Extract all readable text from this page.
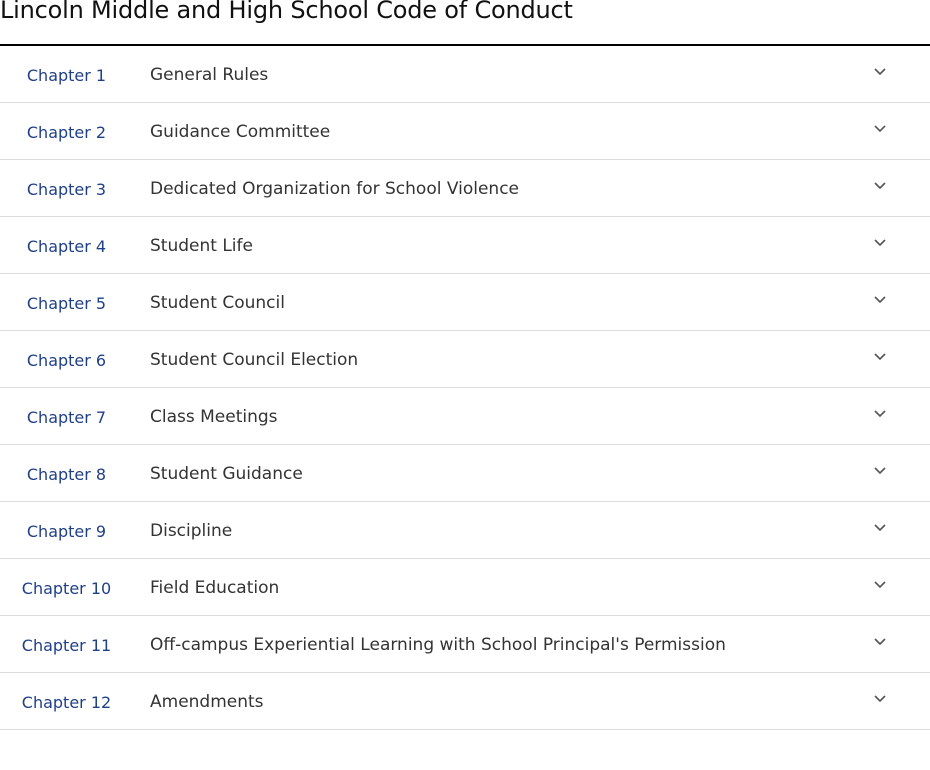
Lincoln Middle and High School Code of Conduct
Chapter 1	General Rules
Chapter 2	Guidance Committee
Chapter 3	Dedicated Organization for School Violence
Chapter 4	Student Life
Chapter 5	Student Council
Chapter 6	Student Council Election
Chapter 7	Class Meetings
Chapter 8	Student Guidance
Chapter 9	Discipline
Chapter 10	Field Education
Chapter 11	Off-campus Experiential Learning with School Principal's Permission
Chapter 12	Amendments
